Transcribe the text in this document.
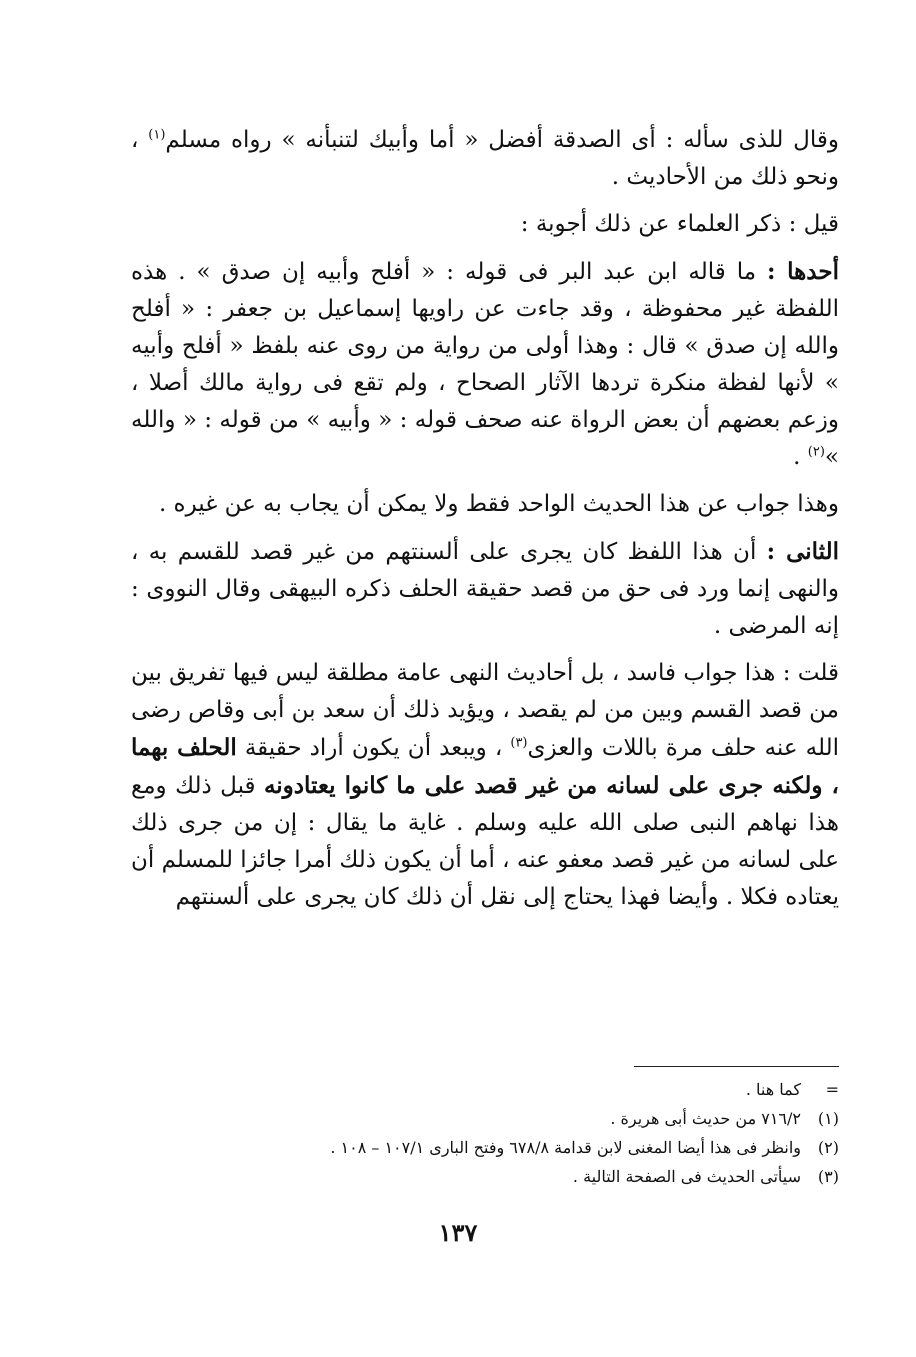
وقال للذى سأله : أى الصدقة أفضل « أما وأبيك لتنبأنه » رواه مسلم$^{(١)}$ ، ونحو ذلك من الأحاديث .

قيل : ذكر العلماء عن ذلك أجوبة :

أحدها : ما قاله ابن عبد البر فى قوله : « أفلح وأبيه إن صدق » . هذه اللفظة غير محفوظة ، وقد جاءت عن راويها إسماعيل بن جعفر : « أفلح والله إن صدق » قال : وهذا أولى من رواية من روى عنه بلفظ « أفلح وأبيه » لأنها لفظة منكرة تردها الآثار الصحاح ، ولم تقع فى رواية مالك أصلا ، وزعم بعضهم أن بعض الرواة عنه صحف قوله : « وأبيه » من قوله : « والله »$^{(٢)}$ .

وهذا جواب عن هذا الحديث الواحد فقط ولا يمكن أن يجاب به عن غيره .

الثانى : أن هذا اللفظ كان يجرى على ألسنتهم من غير قصد للقسم به ، والنهى إنما ورد فى حق من قصد حقيقة الحلف ذكره البيهقى وقال النووى : إنه المرضى .

قلت : هذا جواب فاسد ، بل أحاديث النهى عامة مطلقة ليس فيها تفريق بين من قصد القسم وبين من لم يقصد ، ويؤيد ذلك أن سعد بن أبى وقاص رضى الله عنه حلف مرة باللات والعزى$^{(٣)}$ ، ويبعد أن يكون أراد حقيقة الحلف بهما ، ولكنه جرى على لسانه من غير قصد على ما كانوا يعتادونه قبل ذلك ومع هذا نهاهم النبى صلى الله عليه وسلم . غاية ما يقال : إن من جرى ذلك على لسانه من غير قصد معفو عنه ، أما أن يكون ذلك أمرا جائزا للمسلم أن يعتاده فكلا . وأيضا فهذا يحتاج إلى نقل أن ذلك كان يجرى على ألسنتهم

=
كما هنا .
(١)
٧١٦/٢ من حديث أبى هريرة .
(٢)
وانظر فى هذا أيضا المغنى لابن قدامة ٦٧٨/٨ وفتح البارى ١٠٧/١ – ١٠٨ .
(٣)
سيأتى الحديث فى الصفحة التالية .
١٣٧
